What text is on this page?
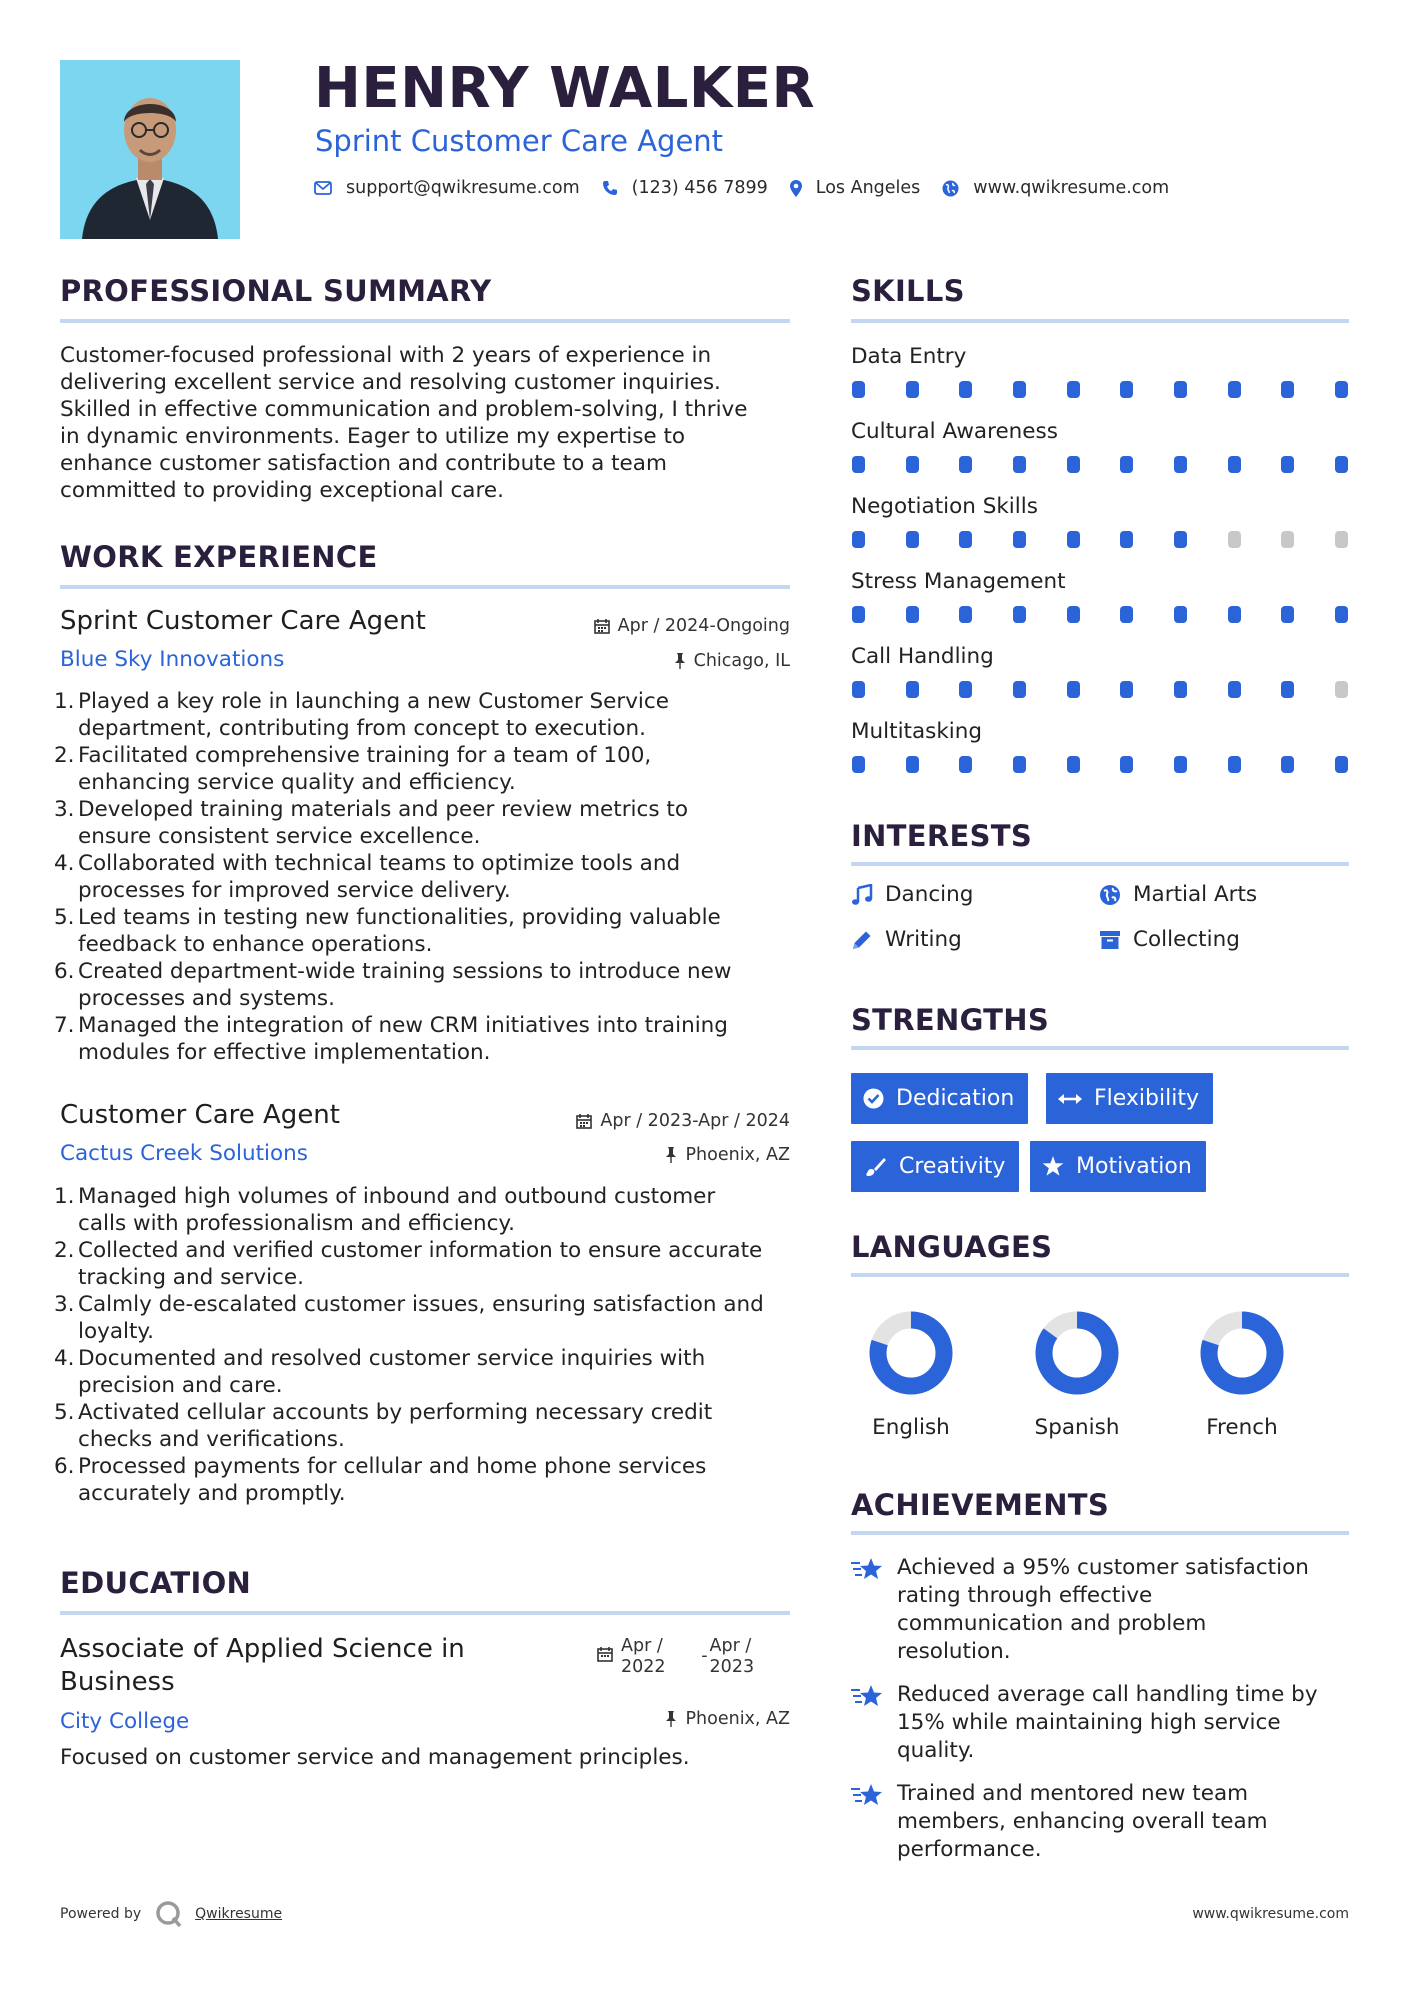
HENRY WALKER
Sprint Customer Care Agent
support@qwikresume.com	(123) 456 7899	Los Angeles	www.qwikresume.com
PROFESSIONAL SUMMARY
Customer-focused professional with 2 years of experience in
delivering excellent service and resolving customer inquiries.
Skilled in effective communication and problem-solving, I thrive
in dynamic environments. Eager to utilize my expertise to
enhance customer satisfaction and contribute to a team
committed to providing exceptional care.
WORK EXPERIENCE
Sprint Customer Care Agent	Apr / 2024-Ongoing
Blue Sky Innovations	Chicago, IL
1. Played a key role in launching a new Customer Service
department, contributing from concept to execution.
2. Facilitated comprehensive training for a team of 100,
enhancing service quality and efficiency.
3. Developed training materials and peer review metrics to
ensure consistent service excellence.
4. Collaborated with technical teams to optimize tools and
processes for improved service delivery.
5. Led teams in testing new functionalities, providing valuable
feedback to enhance operations.
6. Created department-wide training sessions to introduce new
processes and systems.
7. Managed the integration of new CRM initiatives into training
modules for effective implementation.
Customer Care Agent	Apr / 2023-Apr / 2024
Cactus Creek Solutions	Phoenix, AZ
1. Managed high volumes of inbound and outbound customer
calls with professionalism and efficiency.
2. Collected and verified customer information to ensure accurate
tracking and service.
3. Calmly de-escalated customer issues, ensuring satisfaction and
loyalty.
4. Documented and resolved customer service inquiries with
precision and care.
5. Activated cellular accounts by performing necessary credit
checks and verifications.
6. Processed payments for cellular and home phone services
accurately and promptly.
EDUCATION
Associate of Applied Science in
Business
Apr /
2022
- Apr /
2023
City College	Phoenix, AZ
Focused on customer service and management principles.
SKILLS
Data Entry
Cultural Awareness
Negotiation Skills
Stress Management
Call Handling
Multitasking
INTERESTS
Dancing	Martial Arts
Writing	Collecting
STRENGTHS
Dedication	Flexibility
Creativity	Motivation
LANGUAGES
English	Spanish	French
ACHIEVEMENTS
Achieved a 95% customer satisfaction
rating through effective
communication and problem
resolution.
Reduced average call handling time by
15% while maintaining high service
quality.
Trained and mentored new team
members, enhancing overall team
performance.
Powered by	Qwikresume	www.qwikresume.com
